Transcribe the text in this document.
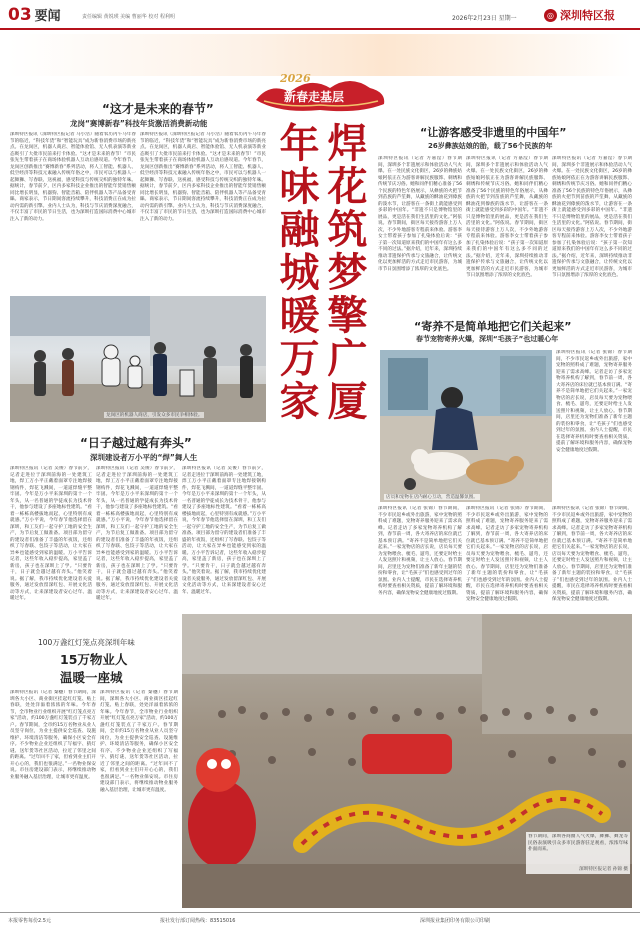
03 要闻	责任编辑 黄锐瑛 美编 曹丽华 校对 程利明	2026年2月23日 星期一	◎ 深圳特区报
2026
新春走基层
焊花筑梦擎广厦
年味融城暖万家
“这才是未来的春节”
龙岗“赛博新春”科技年货激活消费新动能
深圳特区报讯（深圳特区报记者 马小浩）随着农历丙午马年春节的临近，“科技年货”和“智能玩具”成为新春消费市场的新亮点。在龙岗区，机器人商店、智能体验馆、无人机表演等新业态吸引了大批市民前来打卡体验。“这才是未来的春节！”市民张先生带着孩子在商场体验机器人互动后感叹道。今年春节，龙岗区创新推出“赛博新春”系列活动，将人工智能、机器人、低空经济等科技元素融入传统年俗之中，市民可以与机器人一起舞狮、写春联、送祝福，感受科技与传统交织的独特年味。据统计，春节前夕，区内多家科技企业推出的智能年货销售额同比增长明显，机器狗、智能音箱、陪伴机器人等产品备受青睐。商家表示，节日期间客流持续攀升，科技消费正在成为拉动内需的新引擎。业内人士认为，科技与节庆消费深度融合，不仅丰富了市民的节日生活，也为深圳打造国际消费中心城市注入了新的动力。
深圳特区报讯（深圳特区报记者 马小浩）随着农历丙午马年春节的临近，“科技年货”和“智能玩具”成为新春消费市场的新亮点。在龙岗区，机器人商店、智能体验馆、无人机表演等新业态吸引了大批市民前来打卡体验。“这才是未来的春节！”市民张先生带着孩子在商场体验机器人互动后感叹道。今年春节，龙岗区创新推出“赛博新春”系列活动，将人工智能、机器人、低空经济等科技元素融入传统年俗之中，市民可以与机器人一起舞狮、写春联、送祝福，感受科技与传统交织的独特年味。据统计，春节前夕，区内多家科技企业推出的智能年货销售额同比增长明显，机器狗、智能音箱、陪伴机器人等产品备受青睐。商家表示，节日期间客流持续攀升，科技消费正在成为拉动内需的新引擎。业内人士认为，科技与节庆消费深度融合，不仅丰富了市民的节日生活，也为深圳打造国际消费中心城市注入了新的动力。
龙岗区的机器人商店，引发众多市民争相体验。
“日子越过越有奔头”
深圳建设者万小平的“焊”舞人生
深圳特区报讯（记者 吴俊）春节前夕，记者走进位于深圳前海的一处建筑工地，焊工万小平正戴着面罩专注地焊接钢构件，焊花飞溅间，一道道焊缝平整牢固。今年是万小平来深圳的第十一个年头，从一名普通的学徒成长为技术骨干，他参与建设了多座地标性建筑。“看着一栋栋高楼拔地而起，心里特别有成就感。”万小平说，今年春节他选择留在深圳，和工友们一起守护工地的安全生产，为节后复工做准备。项目部为留守的建设者们准备了丰盛的年夜饭，还组织了写春联、包饺子等活动，让大家在异乡也能感受到家的温暖。万小平告诉记者，这些年收入稳步提高，家里盖了新房，孩子也在深圳上了学。“只要肯干，日子就会越过越有奔头。”他笑着说。据了解，我市持续优化建设者关爱服务，通过发放留深红包、开展文化活动等方式，让来深建设者安心过年、温暖过年。
深圳特区报讯（记者 吴俊）春节前夕，记者走进位于深圳前海的一处建筑工地，焊工万小平正戴着面罩专注地焊接钢构件，焊花飞溅间，一道道焊缝平整牢固。今年是万小平来深圳的第十一个年头，从一名普通的学徒成长为技术骨干，他参与建设了多座地标性建筑。“看着一栋栋高楼拔地而起，心里特别有成就感。”万小平说，今年春节他选择留在深圳，和工友们一起守护工地的安全生产，为节后复工做准备。项目部为留守的建设者们准备了丰盛的年夜饭，还组织了写春联、包饺子等活动，让大家在异乡也能感受到家的温暖。万小平告诉记者，这些年收入稳步提高，家里盖了新房，孩子也在深圳上了学。“只要肯干，日子就会越过越有奔头。”他笑着说。据了解，我市持续优化建设者关爱服务，通过发放留深红包、开展文化活动等方式，让来深建设者安心过年、温暖过年。
深圳特区报讯（记者 吴俊）春节前夕，记者走进位于深圳前海的一处建筑工地，焊工万小平正戴着面罩专注地焊接钢构件，焊花飞溅间，一道道焊缝平整牢固。今年是万小平来深圳的第十一个年头，从一名普通的学徒成长为技术骨干，他参与建设了多座地标性建筑。“看着一栋栋高楼拔地而起，心里特别有成就感。”万小平说，今年春节他选择留在深圳，和工友们一起守护工地的安全生产，为节后复工做准备。项目部为留守的建设者们准备了丰盛的年夜饭，还组织了写春联、包饺子等活动，让大家在异乡也能感受到家的温暖。万小平告诉记者，这些年收入稳步提高，家里盖了新房，孩子也在深圳上了学。“只要肯干，日子就会越过越有奔头。”他笑着说。据了解，我市持续优化建设者关爱服务，通过发放留深红包、开展文化活动等方式，让来深建设者安心过年、温暖过年。
100万盏红灯笼点亮深圳年味
15万物业人
温暖一座城
深圳特区报讯（记者 秦穗）春节期间，深圳各大小区、商业街区挂起红灯笼、贴上春联，处处洋溢着浓浓的年味。今年春节，全市物业行业组织开展“红灯笼点亮万家”活动，约100万盏红灯笼装点了千家万户。春节期间，全市约15万名物业从业人员坚守岗位，为业主提供安全巡查、设施维护、环境清洁等服务，确保小区安全有序。不少物业企业还组织了写福字、猜灯谜、送年货等社区活动，拉近了邻里之间的距离。“过年回不了家，但看到业主们开开心心的，我们也很满足。”一名物业保安说。市住房建设部门表示，将继续推动物业服务融入基层治理，让城市更有温度。
深圳特区报讯（记者 秦穗）春节期间，深圳各大小区、商业街区挂起红灯笼、贴上春联，处处洋溢着浓浓的年味。今年春节，全市物业行业组织开展“红灯笼点亮万家”活动，约100万盏红灯笼装点了千家万户。春节期间，全市约15万名物业从业人员坚守岗位，为业主提供安全巡查、设施维护、环境清洁等服务，确保小区安全有序。不少物业企业还组织了写福字、猜灯谜、送年货等社区活动，拉近了邻里之间的距离。“过年回不了家，但看到业主们开开心心的，我们也很满足。”一名物业保安说。市住房建设部门表示，将继续推动物业服务融入基层治理，让城市更有温度。
“让游客感受非遗里的中国年”
26岁彝族姑娘的胎，载了56个民族的年
深圳特区报讯（记者 方嘉滢）春节期间，深圳多个非遗展示和体验活动人气火爆。在一处民族文化街区，26岁的彝族姑娘阿依正在为游客讲解民族服饰、刺绣和传统节庆习俗。她和同伴们精心准备了56个民族的特色年俗展示，从彝族的火把节到苗族的芦笙舞，从藏族的酥油花到傣族的泼水节，让游客在一条街上就能感受到多彩的中国年。“非遗不只是博物馆里的展品，更是活在我们生活里的文化。”阿依说。春节期间，街区每天接待游客上万人次，不少外地游客专程前来体验。游客李女士带着孩子参加了扎染体验后说：“孩子第一次知道原来我们的中国年有这么多不同的过法。”据介绍，近年来，深圳持续推动非遗保护传承与文旅融合，让传统文化以更加鲜活的方式走近市民游客，为城市节日氛围增添了浓厚的文化底色。
深圳特区报讯（记者 方嘉滢）春节期间，深圳多个非遗展示和体验活动人气火爆。在一处民族文化街区，26岁的彝族姑娘阿依正在为游客讲解民族服饰、刺绣和传统节庆习俗。她和同伴们精心准备了56个民族的特色年俗展示，从彝族的火把节到苗族的芦笙舞，从藏族的酥油花到傣族的泼水节，让游客在一条街上就能感受到多彩的中国年。“非遗不只是博物馆里的展品，更是活在我们生活里的文化。”阿依说。春节期间，街区每天接待游客上万人次，不少外地游客专程前来体验。游客李女士带着孩子参加了扎染体验后说：“孩子第一次知道原来我们的中国年有这么多不同的过法。”据介绍，近年来，深圳持续推动非遗保护传承与文旅融合，让传统文化以更加鲜活的方式走近市民游客，为城市节日氛围增添了浓厚的文化底色。
深圳特区报讯（记者 方嘉滢）春节期间，深圳多个非遗展示和体验活动人气火爆。在一处民族文化街区，26岁的彝族姑娘阿依正在为游客讲解民族服饰、刺绣和传统节庆习俗。她和同伴们精心准备了56个民族的特色年俗展示，从彝族的火把节到苗族的芦笙舞，从藏族的酥油花到傣族的泼水节，让游客在一条街上就能感受到多彩的中国年。“非遗不只是博物馆里的展品，更是活在我们生活里的文化。”阿依说。春节期间，街区每天接待游客上万人次，不少外地游客专程前来体验。游客李女士带着孩子参加了扎染体验后说：“孩子第一次知道原来我们的中国年有这么多不同的过法。”据介绍，近年来，深圳持续推动非遗保护传承与文旅融合，让传统文化以更加鲜活的方式走近市民游客，为城市节日氛围增添了浓厚的文化底色。
“寄养不是简单地把它们关起来”
春节宠物寄养火爆，深圳“毛孩子”也过暖心年
店员和宠物在店内耐心互动，营造温馨氛围。
深圳特区报讯（记者 张锦）春节期间，不少市民返乡或外出旅游，家中宠物的照料成了难题，宠物寄养服务迎来了需求高峰。记者走访了多家宠物寄养机构了解到，春节前一周，各大寄养店的床位就已基本预订满。“寄养不是简单地把它们关起来。”一家宠物店的店长说，店员每天要为宠物喂食、梳毛、遛弯，还要定时给主人发送照片和视频，让主人放心。春节期间，店里还为宠物们准备了新年主题的装扮和零食，让“毛孩子”们也感受到过年的氛围。业内人士提醒，市民在选择寄养机构时要查看相关资质，提前了解环境和服务内容，确保宠物安全健康地度过假期。
深圳特区报讯（记者 张锦）春节期间，不少市民返乡或外出旅游，家中宠物的照料成了难题，宠物寄养服务迎来了需求高峰。记者走访了多家宠物寄养机构了解到，春节前一周，各大寄养店的床位就已基本预订满。“寄养不是简单地把它们关起来。”一家宠物店的店长说，店员每天要为宠物喂食、梳毛、遛弯，还要定时给主人发送照片和视频，让主人放心。春节期间，店里还为宠物们准备了新年主题的装扮和零食，让“毛孩子”们也感受到过年的氛围。业内人士提醒，市民在选择寄养机构时要查看相关资质，提前了解环境和服务内容，确保宠物安全健康地度过假期。
深圳特区报讯（记者 张锦）春节期间，不少市民返乡或外出旅游，家中宠物的照料成了难题，宠物寄养服务迎来了需求高峰。记者走访了多家宠物寄养机构了解到，春节前一周，各大寄养店的床位就已基本预订满。“寄养不是简单地把它们关起来。”一家宠物店的店长说，店员每天要为宠物喂食、梳毛、遛弯，还要定时给主人发送照片和视频，让主人放心。春节期间，店里还为宠物们准备了新年主题的装扮和零食，让“毛孩子”们也感受到过年的氛围。业内人士提醒，市民在选择寄养机构时要查看相关资质，提前了解环境和服务内容，确保宠物安全健康地度过假期。
深圳特区报讯（记者 张锦）春节期间，不少市民返乡或外出旅游，家中宠物的照料成了难题，宠物寄养服务迎来了需求高峰。记者走访了多家宠物寄养机构了解到，春节前一周，各大寄养店的床位就已基本预订满。“寄养不是简单地把它们关起来。”一家宠物店的店长说，店员每天要为宠物喂食、梳毛、遛弯，还要定时给主人发送照片和视频，让主人放心。春节期间，店里还为宠物们准备了新年主题的装扮和零食，让“毛孩子”们也感受到过年的氛围。业内人士提醒，市民在选择寄养机构时要查看相关资质，提前了解环境和服务内容，确保宠物安全健康地度过假期。
春节期间，深圳各商圈人气火爆，舞狮、舞龙等民俗表演吸引众多市民游客驻足观看，浓浓年味扑面而来。
深圳特区报记者 孙锦 摄
本报零售每份2.5元	报社发行部订阅热线：83515016	深圳报业集团印务有限公司印刷
